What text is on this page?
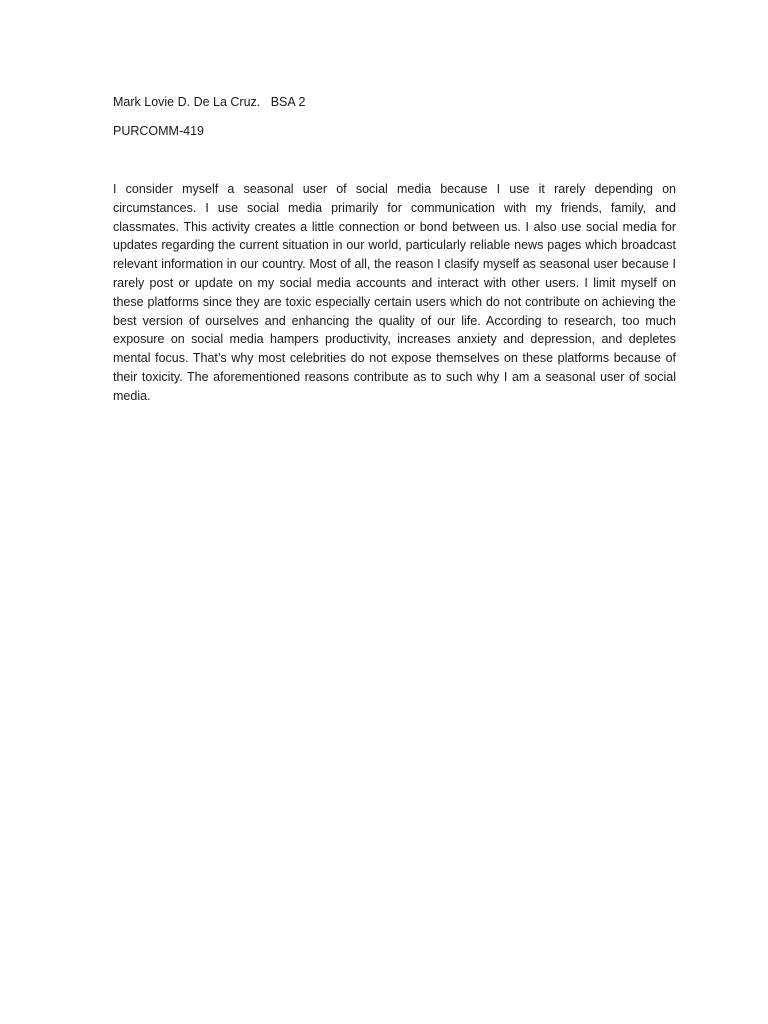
Mark Lovie D. De La Cruz.   BSA 2
PURCOMM-419

I consider myself a seasonal user of social media because I use it rarely depending on circumstances. I use social media primarily for communication with my friends, family, and classmates. This activity creates a little connection or bond between us. I also use social media for updates regarding the current situation in our world, particularly reliable news pages which broadcast relevant information in our country. Most of all, the reason I clasify myself as seasonal user because I rarely post or update on my social media accounts and interact with other users. I limit myself on these platforms since they are toxic especially certain users which do not contribute on achieving the best version of ourselves and enhancing the quality of our life. According to research, too much exposure on social media hampers productivity, increases anxiety and depression, and depletes mental focus. That’s why most celebrities do not expose themselves on these platforms because of their toxicity. The aforementioned reasons contribute as to such why I am a seasonal user of social media.
